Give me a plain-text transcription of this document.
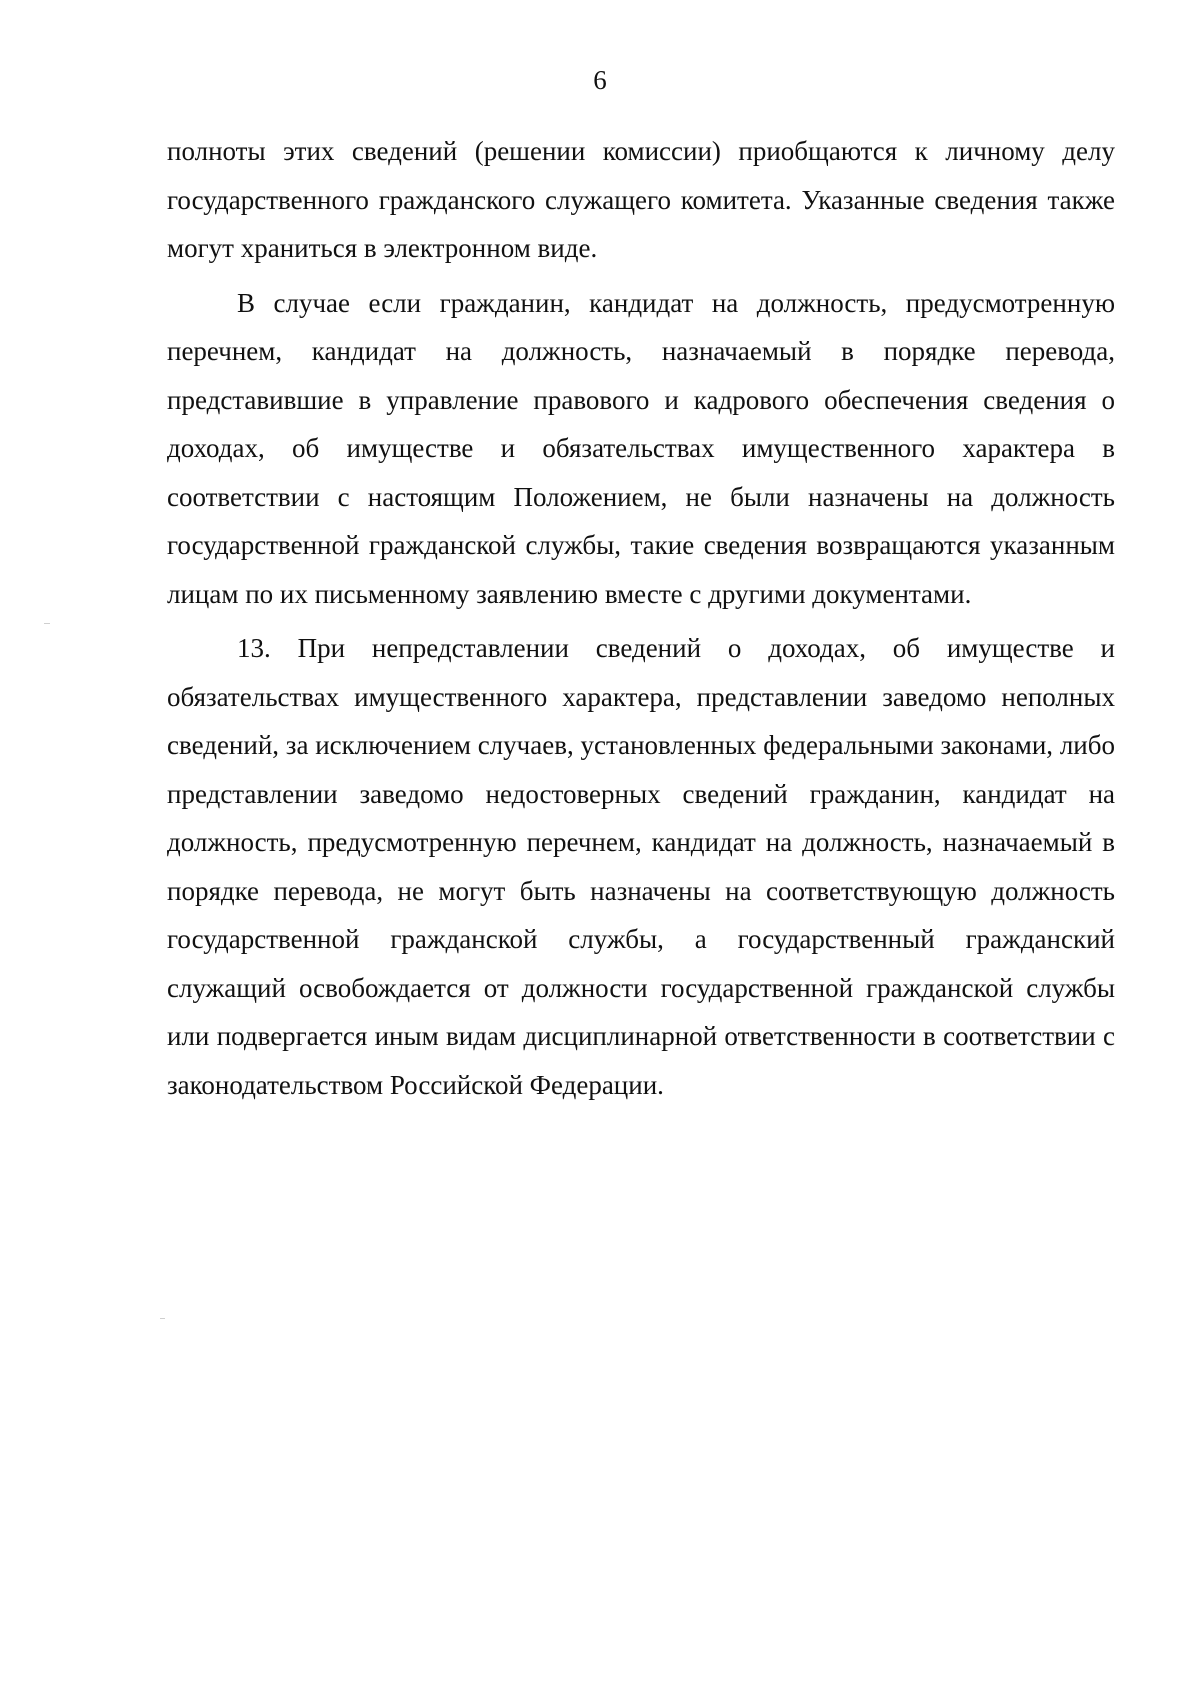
6

полноты этих сведений (решении комиссии) приобщаются к личному делу государственного гражданского служащего комитета. Указанные сведения также могут храниться в электронном виде.

В случае если гражданин, кандидат на должность, предусмотренную перечнем, кандидат на должность, назначаемый в порядке перевода, представившие в управление правового и кадрового обеспечения сведения о доходах, об имуществе и обязательствах имущественного характера в соответствии с настоящим Положением, не были назначены на должность государственной гражданской службы, такие сведения возвращаются указанным лицам по их письменному заявлению вместе с другими документами.

13. При непредставлении сведений о доходах, об имуществе и обязательствах имущественного характера, представлении заведомо неполных сведений, за исключением случаев, установленных федеральными законами, либо представлении заведомо недостоверных сведений гражданин, кандидат на должность, предусмотренную перечнем, кандидат на должность, назначаемый в порядке перевода, не могут быть назначены на соответствующую должность государственной гражданской службы, а государственный гражданский служащий освобождается от должности государственной гражданской службы или подвергается иным видам дисциплинарной ответственности в соответствии с законодательством Российской Федерации.
